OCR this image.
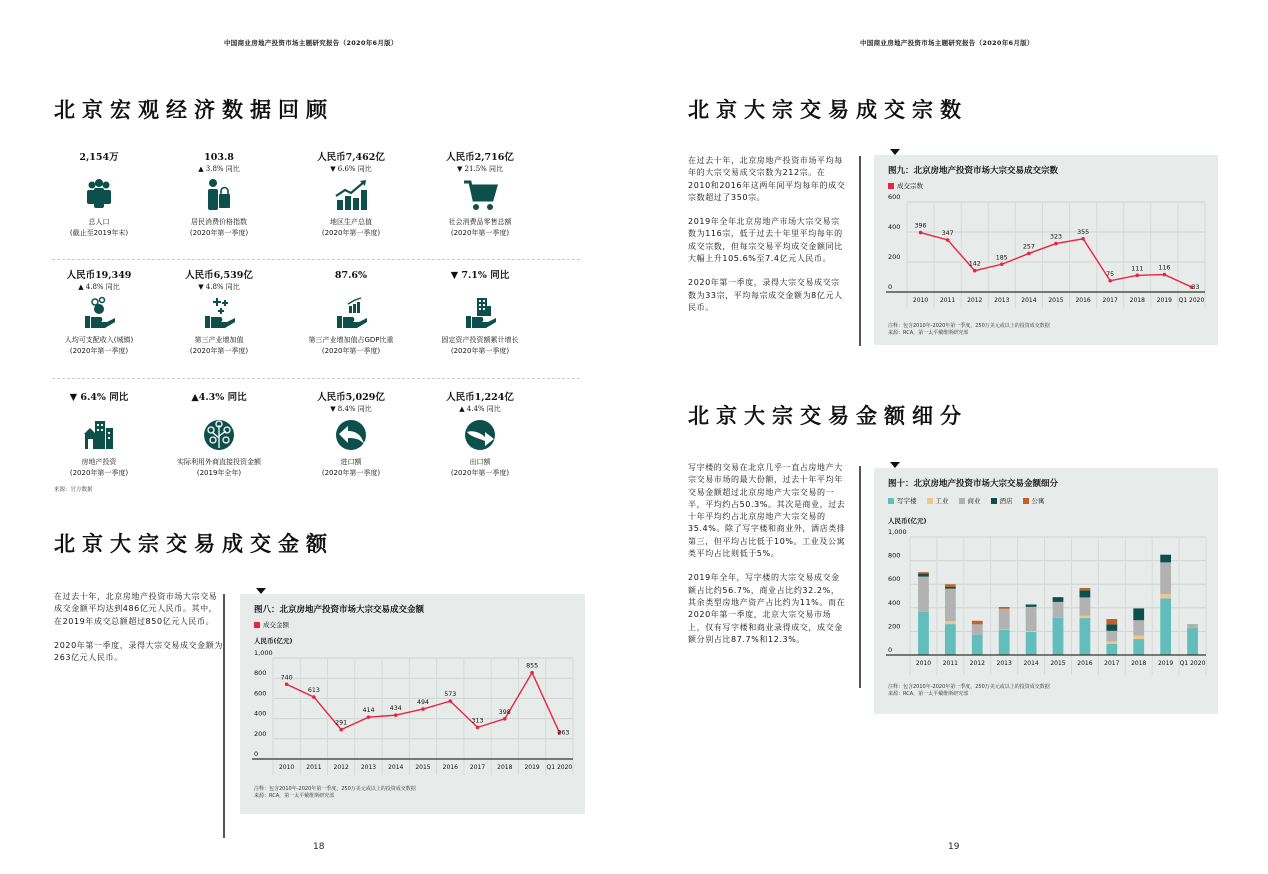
中国商业房地产投资市场主题研究报告（2020年6月版）
北京宏观经济数据回顾
2,154万
总人口
(截止至2019年末)
103.8
▲ 3.8% 同比
居民消费价格指数
(2020年第一季度)
人民币7,462亿
▼ 6.6% 同比
地区生产总值
(2020年第一季度)
人民币2,716亿
▼ 21.5% 同比
社会消费品零售总额
(2020年第一季度)
人民币19,349
▲ 4.8% 同比
人均可支配收入(城镇)
(2020年第一季度)
人民币6,539亿
▼ 4.8% 同比
第三产业增加值
(2020年第一季度)
87.6%
第三产业增加值占GDP比重
(2020年第一季度)
▼ 7.1% 同比
固定资产投资额累计增长
(2020年第一季度)
▼ 6.4% 同比
房地产投资
(2020年第一季度)
▲4.3% 同比
实际利用外商直接投资金额
(2019年全年)
人民币5,029亿
▼ 8.4% 同比
进口额
(2020年第一季度)
人民币1,224亿
▲ 4.4% 同比
出口额
(2020年第一季度)
来源：官方数据
北京大宗交易成交金额

在过去十年，北京房地产投资市场大宗交易成交金额平均达到486亿元人民币。其中，在2019年成交总额超过850亿元人民币。

2020年第一季度，录得大宗交易成交金额为263亿元人民币。

图八：北京房地产投资市场大宗交易成交金额
成交金额
人民币(亿元)
0
200
400
600
800
1,000
2010 2011 2012 2013 2014 2015 2016 2017 2018 2019 Q1 2020
740
613
291
414 434
494
573
313
398
855
263
注释：包含2010年-2020年第一季度，250万美元或以上的投资成交数据
来源：RCA，第一太平戴维斯研究部
18
中国商业房地产投资市场主题研究报告（2020年6月版）
北京大宗交易成交宗数

在过去十年，北京房地产投资市场平均每年的大宗交易成交宗数为212宗。在2010和2016年这两年间平均每年的成交宗数超过了350宗。

2019年全年北京房地产市场大宗交易宗数为116宗，低于过去十年里平均每年的成交宗数，但每宗交易平均成交金额同比大幅上升105.6%至7.4亿元人民币。

2020年第一季度，录得大宗交易成交宗数为33宗，平均每宗成交金额为8亿元人民币。

图九：北京房地产投资市场大宗交易成交宗数
成交宗数
0
200
400
600
2010 2011 2012 2013 2014 2015 2016 2017 2018 2019 Q1 2020
396
347
142
185
257
323
355
75
111 116
33
注释：包含2010年-2020年第一季度，250万美元或以上的投资成交数据
来源：RCA，第一太平戴维斯研究部
北京大宗交易金额细分

写字楼的交易在北京几乎一直占房地产大宗交易市场的最大份额，过去十年平均年交易金额超过北京房地产大宗交易的一半，平均约占50.3%。其次是商业，过去十年平均约占北京房地产大宗交易的35.4%。除了写字楼和商业外，酒店类排第三，但平均占比低于10%。工业及公寓类平均占比则低于5%。

2019年全年，写字楼的大宗交易成交金额占比约56.7%，商业占比约32.2%，其余类型房地产资产占比约为11%。而在2020年第一季度，北京大宗交易市场上，仅有写字楼和商业录得成交，成交金额分别占比87.7%和12.3%。

图十：北京房地产投资市场大宗交易金额细分
写字楼	工业	商业	酒店	公寓
人民币(亿元)
0
200
400
600
800
1,000
2010 2011 2012 2013 2014 2015 2016 2017 2018 2019 Q1 2020
注释：包含2010年-2020年第一季度，250万美元或以上的投资成交数据
来源：RCA，第一太平戴维斯研究部
19
